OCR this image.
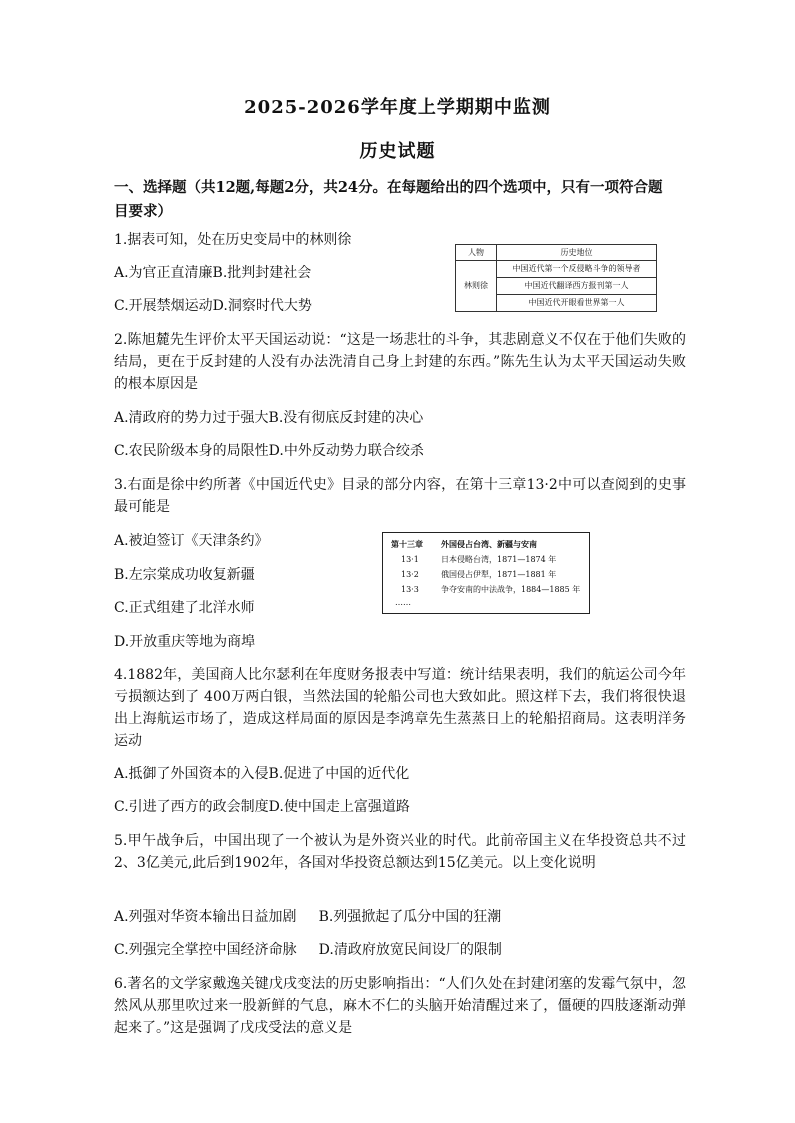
2025-2026学年度上学期期中监测
历史试题
一、选择题（共12题,每题2分，共24分。在每题给出的四个选项中，只有一项符合题目要求）
1.据表可知，处在历史变局中的林则徐
A.为官正直清廉B.批判封建社会
C.开展禁烟运动D.洞察时代大势
人物	历史地位
林则徐	中国近代第一个反侵略斗争的领导者
	中国近代翻译西方报刊第一人
	中国近代开眼看世界第一人
2.陈旭麓先生评价太平天国运动说：“这是一场悲壮的斗争，其悲剧意义不仅在于他们失败的结局，更在于反封建的人没有办法洗清自己身上封建的东西。”陈先生认为太平天国运动失败的根本原因是
A.清政府的势力过于强大B.没有彻底反封建的决心
C.农民阶级本身的局限性D.中外反动势力联合绞杀
3.右面是徐中约所著《中国近代史》目录的部分内容，在第十三章13·2中可以查阅到的史事最可能是
A.被迫签订《天津条约》
B.左宗棠成功收复新疆
C.正式组建了北洋水师
D.开放重庆等地为商埠
第十三章 外国侵占台湾、新疆与安南
13·1	日本侵略台湾，1871—1874 年
13·2	俄国侵占伊犁，1871—1881 年
13·3	争夺安南的中法战争，1884—1885 年
……
4.1882年，美国商人比尔瑟利在年度财务报表中写道：统计结果表明，我们的航运公司今年亏损额达到了 400万两白银，当然法国的轮船公司也大致如此。照这样下去，我们将很快退出上海航运市场了，造成这样局面的原因是李鸿章先生蒸蒸日上的轮船招商局。这表明洋务运动
A.抵御了外国资本的入侵B.促进了中国的近代化
C.引进了西方的政会制度D.使中国走上富强道路
5.甲午战争后，中国出现了一个被认为是外资兴业的时代。此前帝国主义在华投资总共不过2、3亿美元,此后到1902年，各国对华投资总额达到15亿美元。以上变化说明
A.列强对华资本输出日益加剧 B.列强掀起了瓜分中国的狂潮
C.列强完全掌控中国经济命脉 D.清政府放宽民间设厂的限制
6.著名的文学家戴逸关键戊戌变法的历史影响指出：“人们久处在封建闭塞的发霉气氛中，忽然风从那里吹过来一股新鲜的气息，麻木不仁的头脑开始清醒过来了，僵硬的四肢逐渐动弹起来了。”这是强调了戊戌受法的意义是
